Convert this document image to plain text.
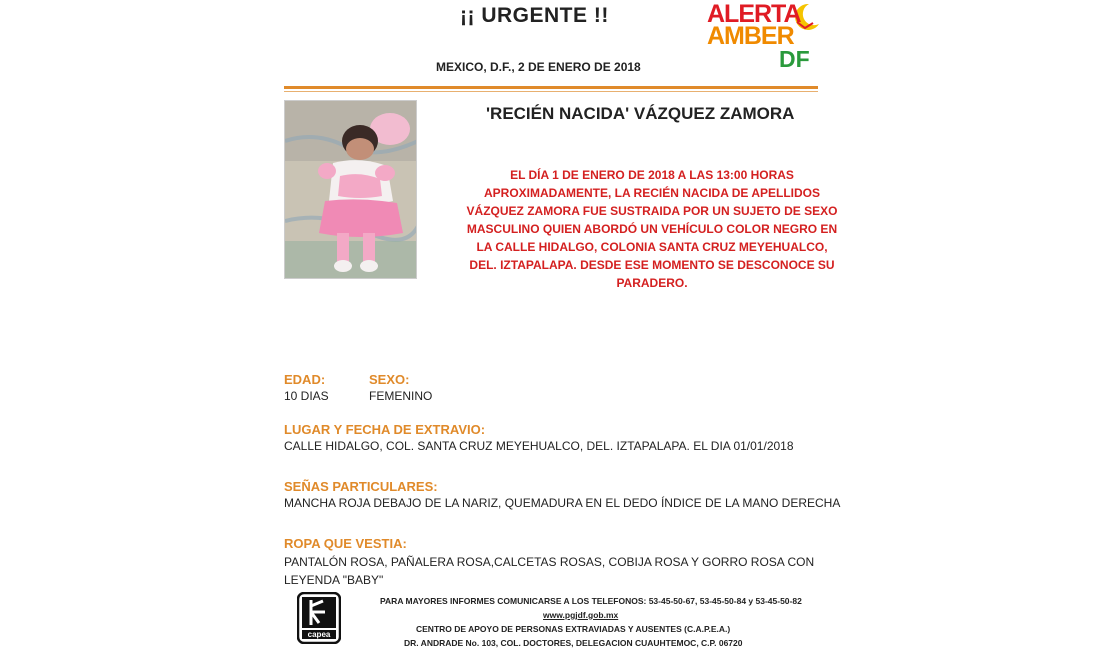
¡¡ URGENTE !!
MEXICO, D.F., 2 DE ENERO DE 2018
ALERTA
AMBER
DF
'RECIÉN NACIDA' VÁZQUEZ ZAMORA
EL DÍA 1 DE ENERO DE 2018 A LAS 13:00 HORAS APROXIMADAMENTE, LA RECIÉN NACIDA DE APELLIDOS VÁZQUEZ ZAMORA FUE SUSTRAIDA POR UN SUJETO DE SEXO MASCULINO QUIEN ABORDÓ UN VEHÍCULO COLOR NEGRO EN LA CALLE HIDALGO, COLONIA SANTA CRUZ MEYEHUALCO, DEL. IZTAPALAPA. DESDE ESE MOMENTO SE DESCONOCE SU PARADERO.
EDAD:
10 DIAS
SEXO:
FEMENINO
LUGAR Y FECHA DE EXTRAVIO:
CALLE HIDALGO, COL. SANTA CRUZ MEYEHUALCO, DEL. IZTAPALAPA. EL DIA 01/01/2018
SEÑAS PARTICULARES:
MANCHA ROJA DEBAJO DE LA NARIZ, QUEMADURA EN EL DEDO ÍNDICE DE LA MANO DERECHA
ROPA QUE VESTIA:
PANTALÓN ROSA, PAÑALERA ROSA,CALCETAS ROSAS, COBIJA ROSA Y GORRO ROSA CON LEYENDA "BABY"
capea
PARA MAYORES INFORMES COMUNICARSE A LOS TELEFONOS: 53-45-50-67, 53-45-50-84 y 53-45-50-82
www.pgjdf.gob.mx
CENTRO DE APOYO DE PERSONAS EXTRAVIADAS Y AUSENTES (C.A.P.E.A.)
DR. ANDRADE No. 103, COL. DOCTORES, DELEGACION CUAUHTEMOC, C.P. 06720
